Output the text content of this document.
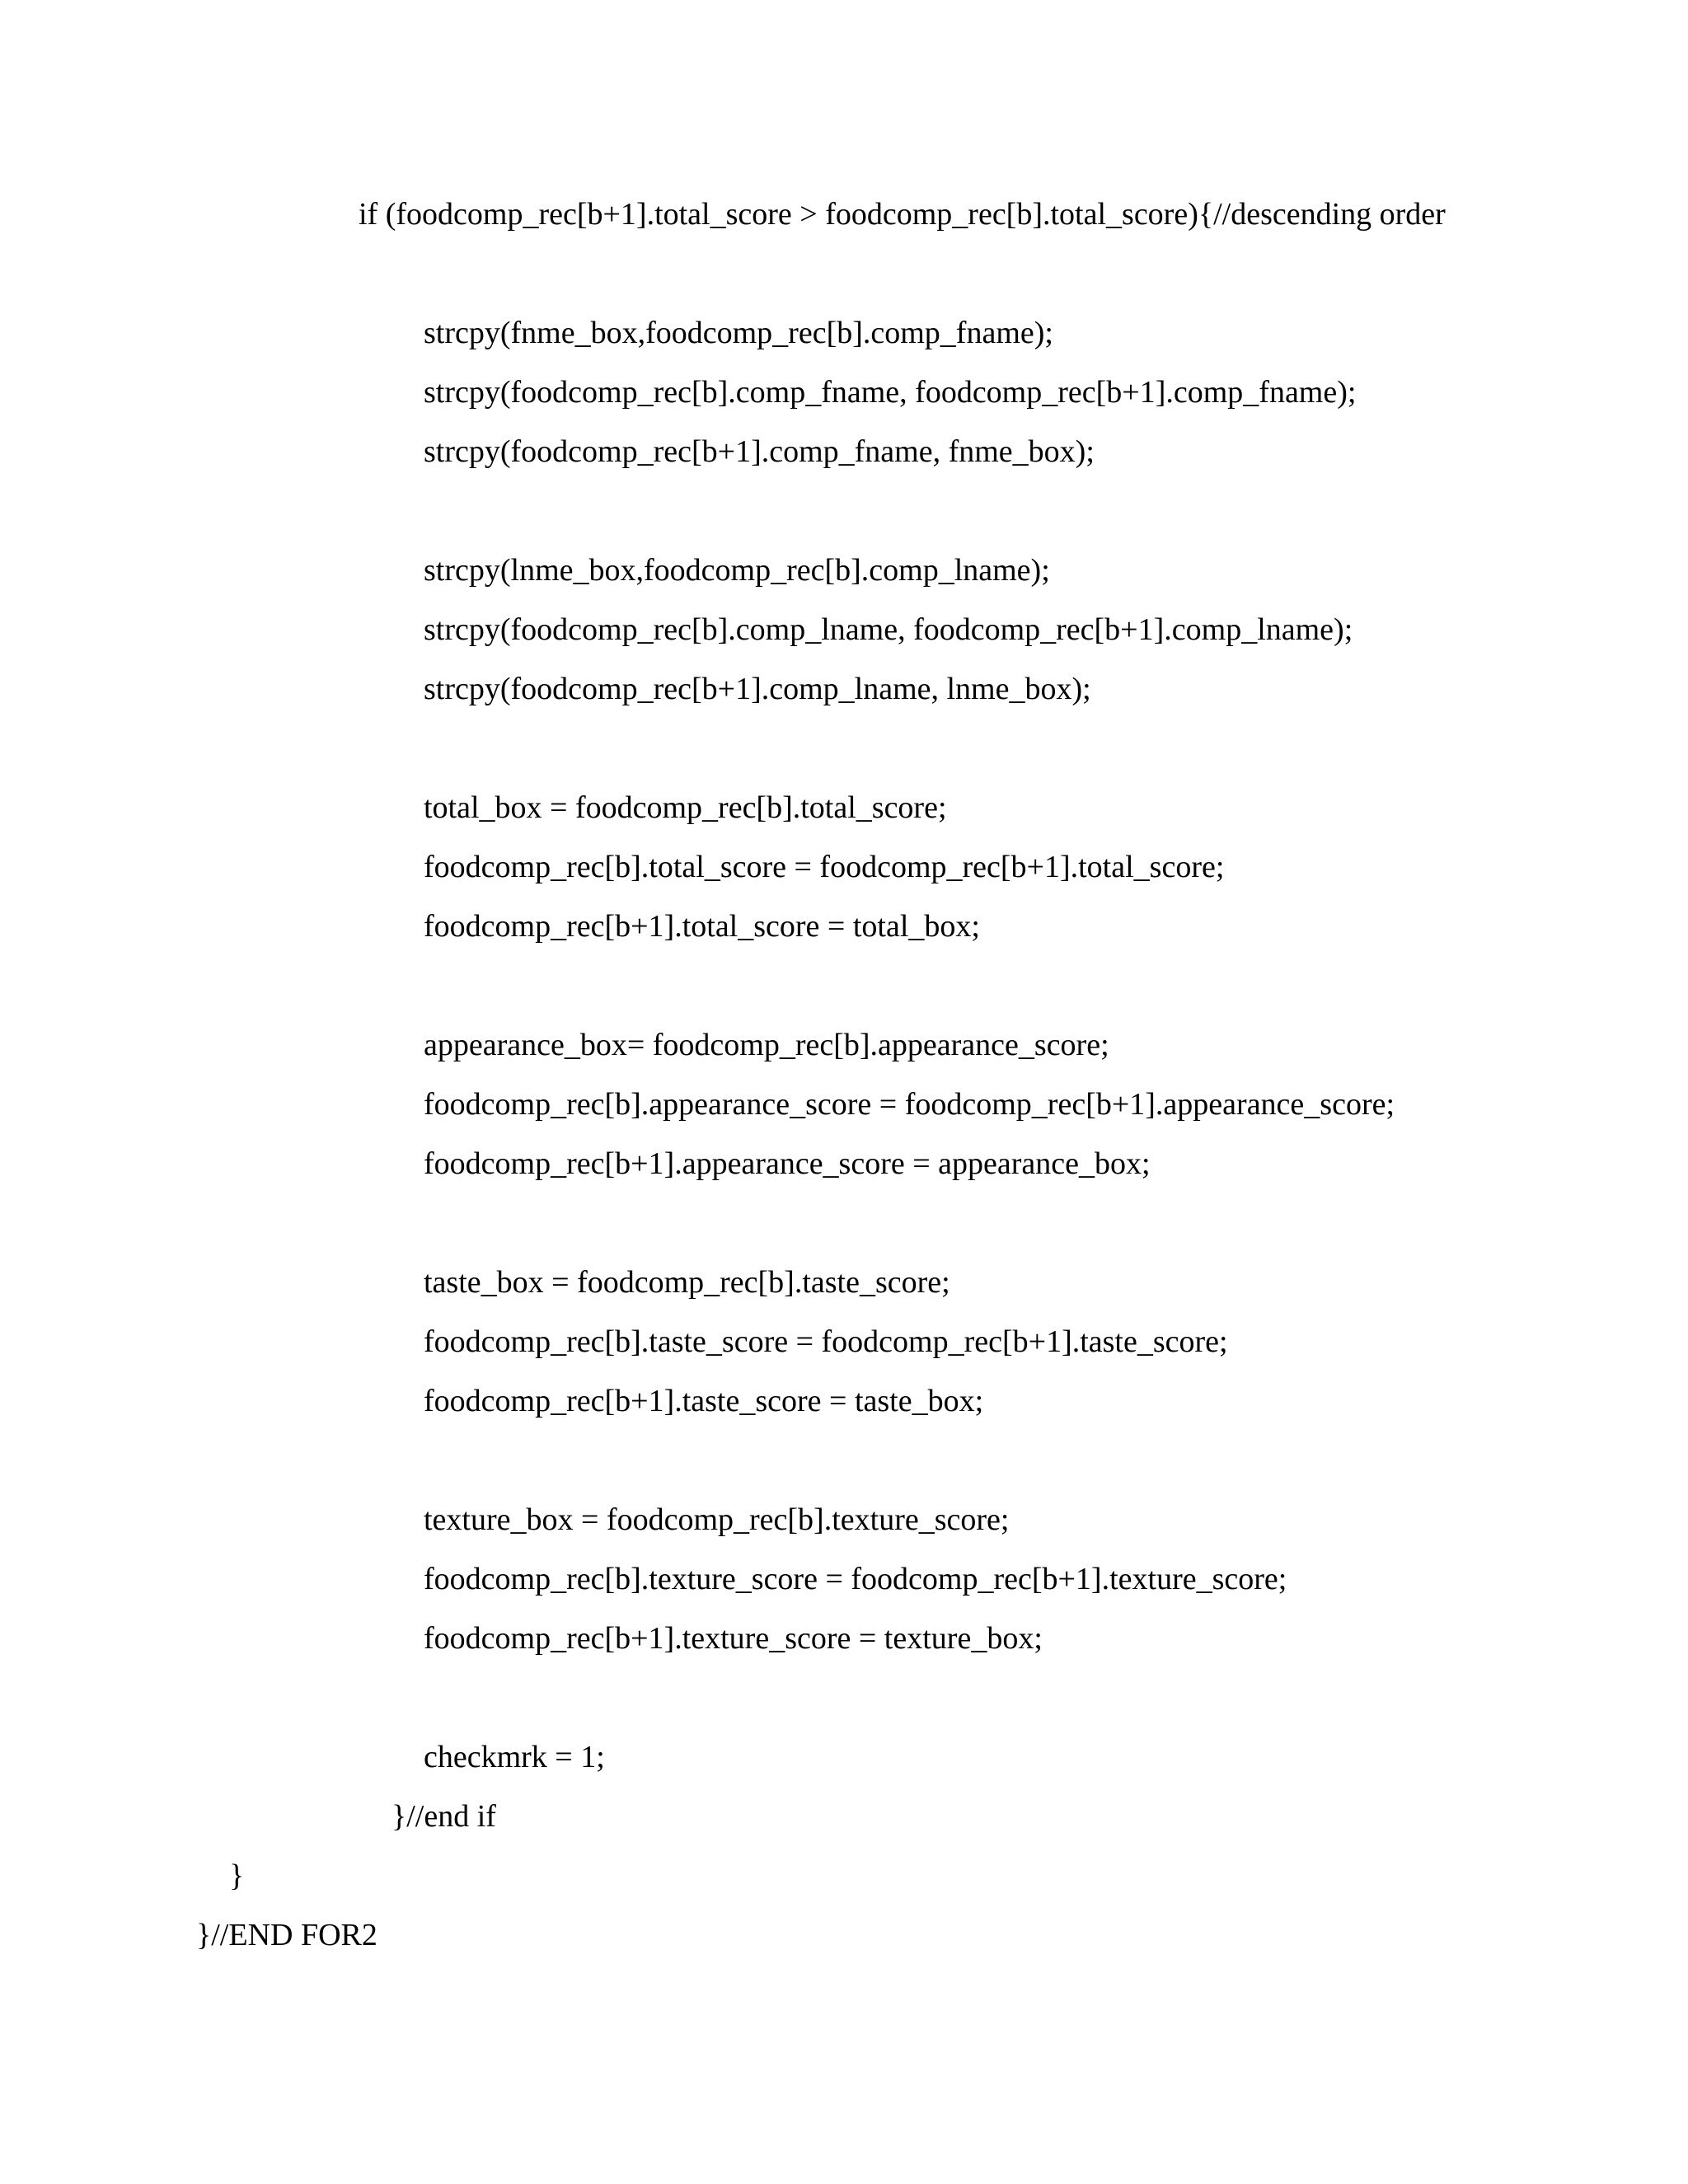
if (foodcomp_rec[b+1].total_score > foodcomp_rec[b].total_score){//descending order
strcpy(fnme_box,foodcomp_rec[b].comp_fname);
strcpy(foodcomp_rec[b].comp_fname, foodcomp_rec[b+1].comp_fname);
strcpy(foodcomp_rec[b+1].comp_fname, fnme_box);
strcpy(lnme_box,foodcomp_rec[b].comp_lname);
strcpy(foodcomp_rec[b].comp_lname, foodcomp_rec[b+1].comp_lname);
strcpy(foodcomp_rec[b+1].comp_lname, lnme_box);
total_box = foodcomp_rec[b].total_score;
foodcomp_rec[b].total_score = foodcomp_rec[b+1].total_score;
foodcomp_rec[b+1].total_score = total_box;
appearance_box= foodcomp_rec[b].appearance_score;
foodcomp_rec[b].appearance_score = foodcomp_rec[b+1].appearance_score;
foodcomp_rec[b+1].appearance_score = appearance_box;
taste_box = foodcomp_rec[b].taste_score;
foodcomp_rec[b].taste_score = foodcomp_rec[b+1].taste_score;
foodcomp_rec[b+1].taste_score = taste_box;
texture_box = foodcomp_rec[b].texture_score;
foodcomp_rec[b].texture_score = foodcomp_rec[b+1].texture_score;
foodcomp_rec[b+1].texture_score = texture_box;
checkmrk = 1;
}//end if
}
}//END FOR2
